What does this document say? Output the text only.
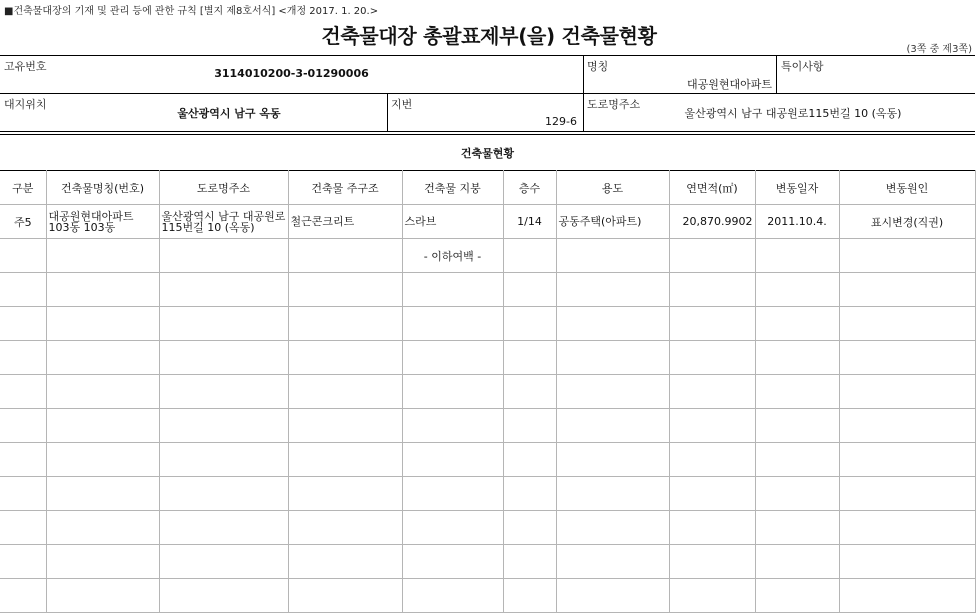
■건축물대장의 기재 및 관리 등에 관한 규칙 [별지 제8호서식] <개정 2017. 1. 20.>
건축물대장 총괄표제부(을) 건축물현황
(3쪽 중 제3쪽)
고유번호
3114010200-3-01290006
명칭
대공원현대아파트
특이사항
대지위치
울산광역시 남구 옥동
지번
129-6
도로명주소
울산광역시 남구 대공원로115번길 10 (옥동)
건축물현황
구분	건축물명칭(번호)	도로명주소	건축물 주구조	건축물 지붕	층수	용도	연면적(㎡)	변동일자	변동원인
주5	대공원현대아파트 103동 103동	울산광역시 남구 대공원로 115번길 10 (옥동)	철근콘크리트	스라브	1/14	공동주택(아파트)	20,870.9902	2011.10.4.	표시변경(직권)
				- 이하여백 -					
